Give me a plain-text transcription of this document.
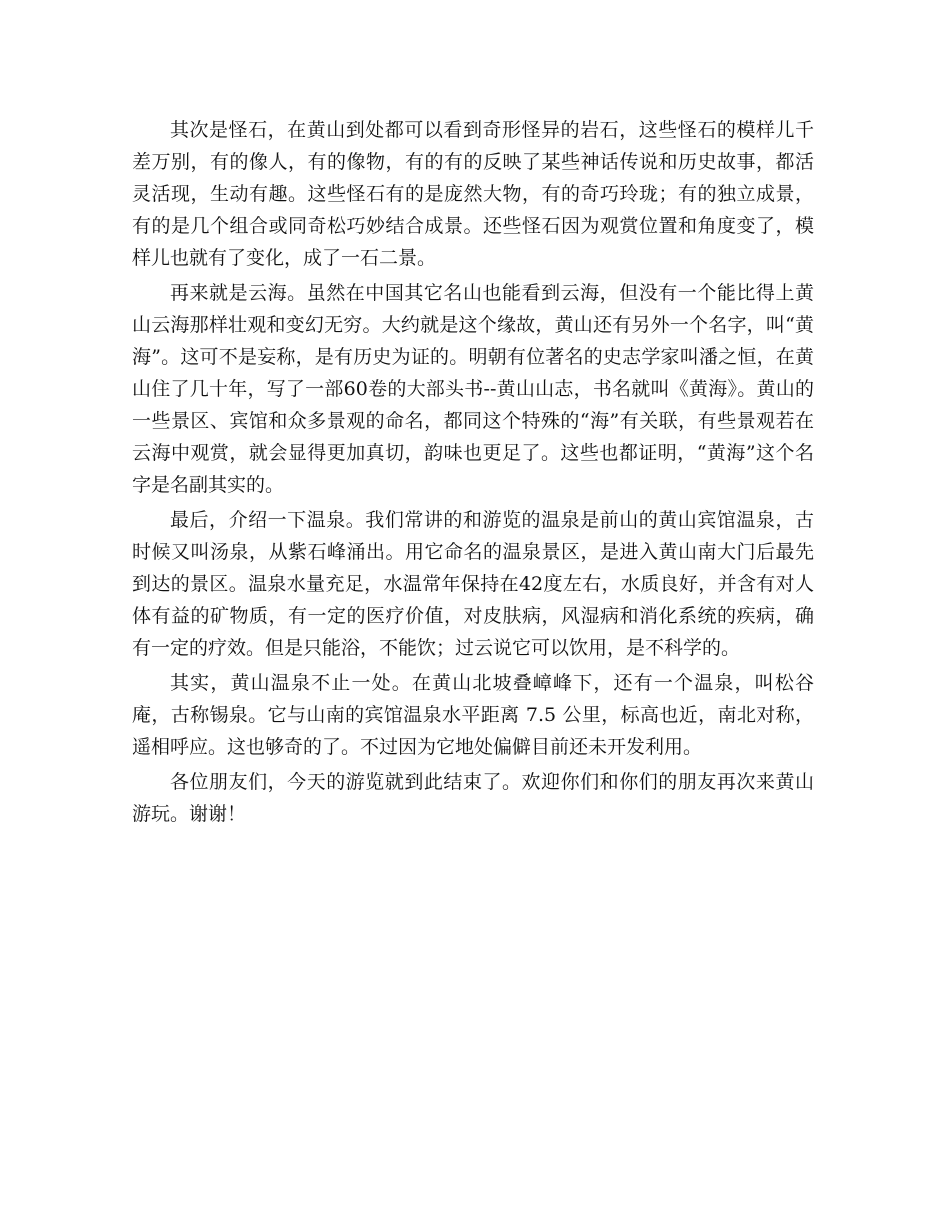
其次是怪石，在黄山到处都可以看到奇形怪异的岩石，这些怪石的模样儿千差万别，有的像人，有的像物，有的有的反映了某些神话传说和历史故事，都活灵活现，生动有趣。这些怪石有的是庞然大物，有的奇巧玲珑；有的独立成景，有的是几个组合或同奇松巧妙结合成景。还些怪石因为观赏位置和角度变了，模样儿也就有了变化，成了一石二景。

再来就是云海。虽然在中国其它名山也能看到云海，但没有一个能比得上黄山云海那样壮观和变幻无穷。大约就是这个缘故，黄山还有另外一个名字，叫“黄海”。这可不是妄称，是有历史为证的。明朝有位著名的史志学家叫潘之恒，在黄山住了几十年，写了一部60卷的大部头书--黄山山志，书名就叫《黄海》。黄山的一些景区、宾馆和众多景观的命名，都同这个特殊的“海”有关联，有些景观若在云海中观赏，就会显得更加真切，韵味也更足了。这些也都证明，“黄海”这个名字是名副其实的。

最后，介绍一下温泉。我们常讲的和游览的温泉是前山的黄山宾馆温泉，古时候又叫汤泉，从紫石峰涌出。用它命名的温泉景区，是进入黄山南大门后最先到达的景区。温泉水量充足，水温常年保持在42度左右，水质良好，并含有对人体有益的矿物质，有一定的医疗价值，对皮肤病，风湿病和消化系统的疾病，确有一定的疗效。但是只能浴，不能饮；过云说它可以饮用，是不科学的。

其实，黄山温泉不止一处。在黄山北坡叠嶂峰下，还有一个温泉，叫松谷庵，古称锡泉。它与山南的宾馆温泉水平距离 7.5 公里，标高也近，南北对称，遥相呼应。这也够奇的了。不过因为它地处偏僻目前还未开发利用。

各位朋友们，今天的游览就到此结束了。欢迎你们和你们的朋友再次来黄山游玩。谢谢！
